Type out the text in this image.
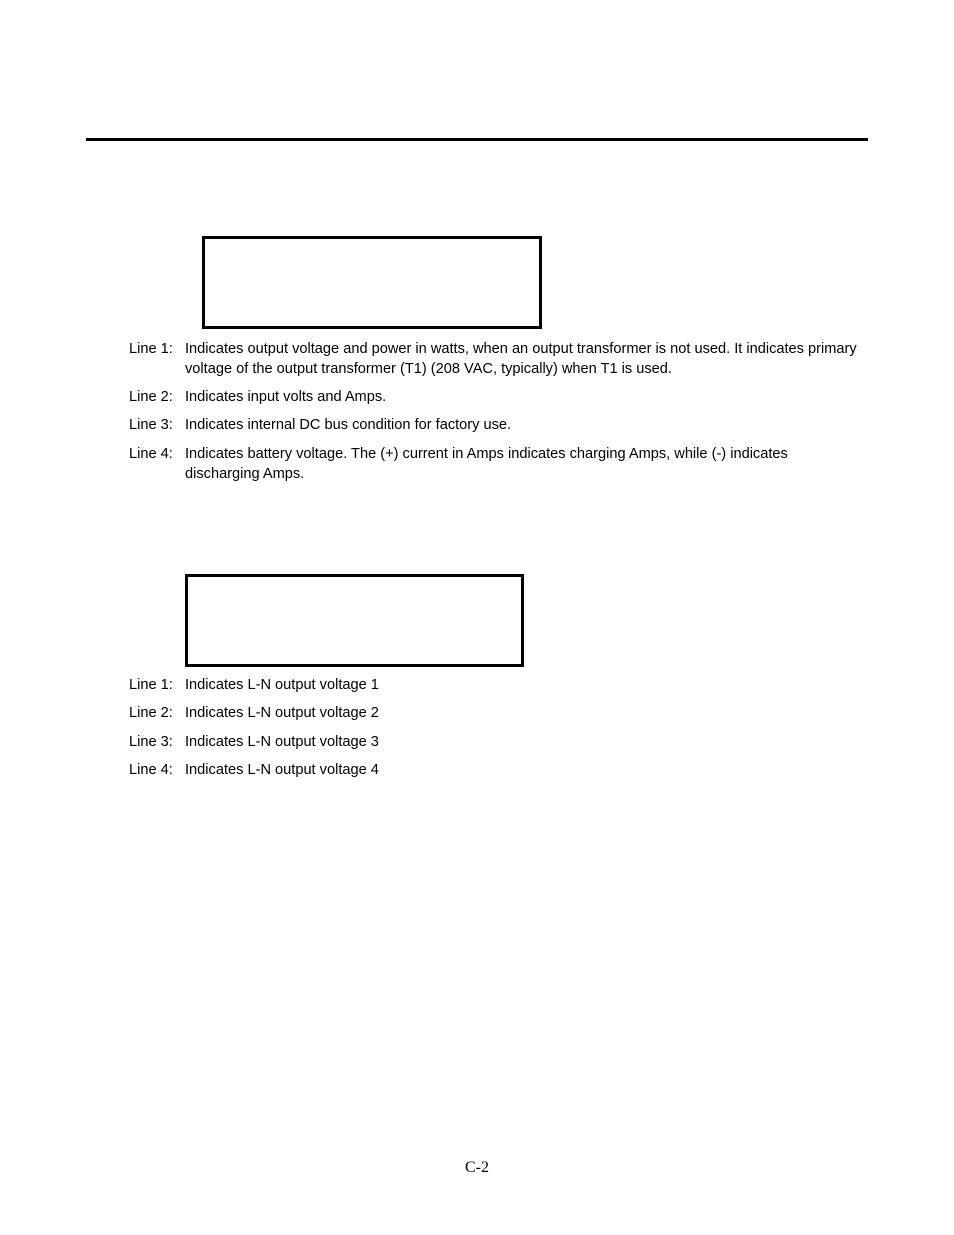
Line 1: Indicates output voltage and power in watts, when an output transformer is not used. It indicates primary voltage of the output transformer (T1) (208 VAC, typically) when T1 is used.
Line 2: Indicates input volts and Amps.
Line 3: Indicates internal DC bus condition for factory use.
Line 4: Indicates battery voltage. The (+) current in Amps indicates charging Amps, while (-) indicates discharging Amps.
Line 1: Indicates L-N output voltage 1
Line 2: Indicates L-N output voltage 2
Line 3: Indicates L-N output voltage 3
Line 4: Indicates L-N output voltage 4
C-2
